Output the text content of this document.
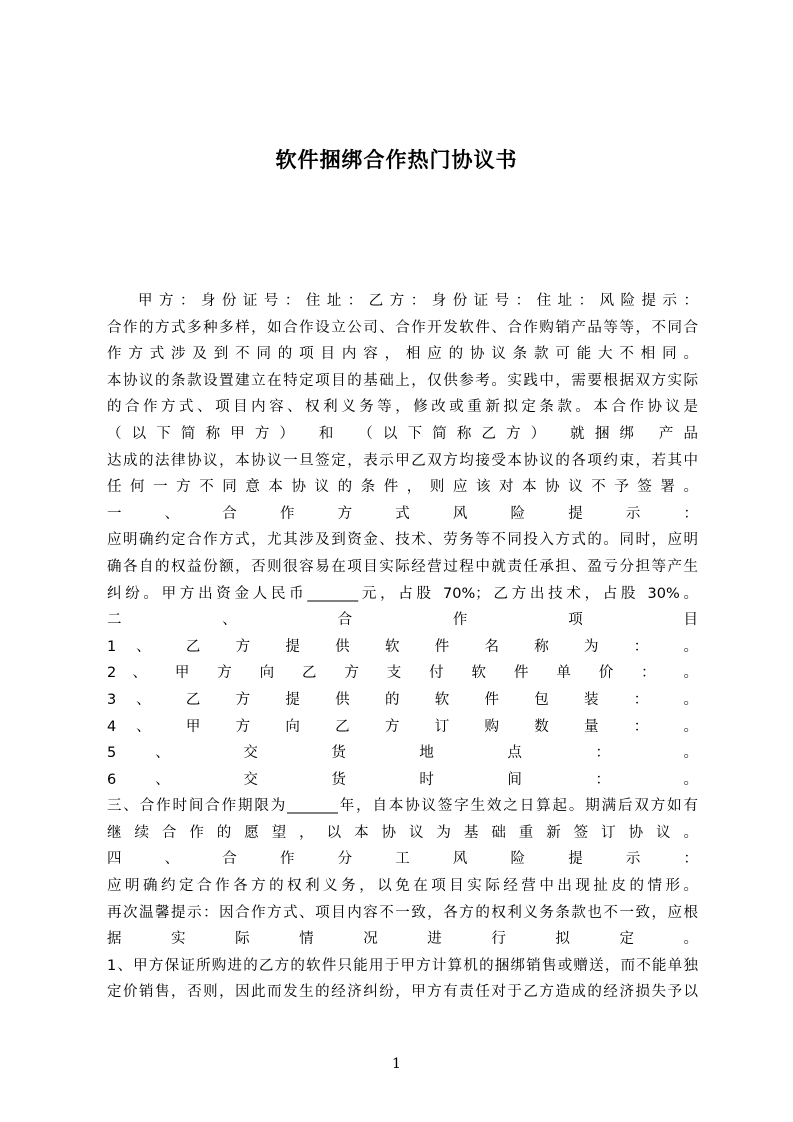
软件捆绑合作热门协议书
甲 方 ： 身 份 证 号 ： 住 址 ： 乙 方 ： 身 份 证 号 ： 住 址 ： 风 险 提 示 ：
合作的方式多种多样，如合作设立公司、合作开发软件、合作购销产品等等，不同合
作 方 式 涉 及 到 不 同 的 项 目 内 容 ， 相 应 的 协 议 条 款 可 能 大 不 相 同 。
本协议的条款设置建立在特定项目的基础上，仅供参考。实践中，需要根据双方实际
的合作方式、项目内容、权利义务等，修改或重新拟定条款。本合作协议是
（以下简称甲方） 和 （以下简称乙方） 就捆绑 产品
达成的法律协议，本协议一旦签定，表示甲乙双方均接受本协议的各项约束，若其中
任 何 一 方 不 同 意 本 协 议 的 条 件 ， 则 应 该 对 本 协 议 不 予 签 署 。
一 、 合 作 方 式 风 险 提 示 ：
应明确约定合作方式，尤其涉及到资金、技术、劳务等不同投入方式的。同时，应明
确各自的权益份额，否则很容易在项目实际经营过程中就责任承担、盈亏分担等产生
纠纷。甲方出资金人民币_______元，占股 70%；乙方出技术，占股 30%。
二 、 合 作 项 目
1 、 乙 方 提 供 软 件 名 称 为 ： 。
2 、 甲 方 向 乙 方 支 付 软 件 单 价 ： 。
3 、 乙 方 提 供 的 软 件 包 装 ： 。
4 、 甲 方 向 乙 方 订 购 数 量 ： 。
5 、 交 货 地 点 ： 。
6 、 交 货 时 间 ： 。
三、合作时间合作期限为_______年，自本协议签字生效之日算起。期满后双方如有
继 续 合 作 的 愿 望 ， 以 本 协 议 为 基 础 重 新 签 订 协 议 。
四 、 合 作 分 工 风 险 提 示 ：
应明确约定合作各方的权利义务，以免在项目实际经营中出现扯皮的情形。
再次温馨提示：因合作方式、项目内容不一致，各方的权利义务条款也不一致，应根
据 实 际 情 况 进 行 拟 定 。
1、甲方保证所购进的乙方的软件只能用于甲方计算机的捆绑销售或赠送，而不能单独
定价销售，否则，因此而发生的经济纠纷，甲方有责任对于乙方造成的经济损失予以
1
